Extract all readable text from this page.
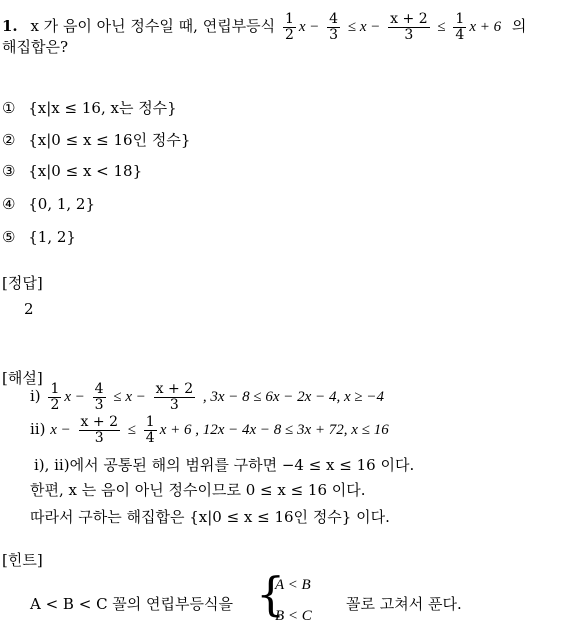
1. x 가 음이 아닌 정수일 때, 연립부등식 $\frac{1}{2}$ $x - \frac{4}{3} \le x - \frac{x + 2}{3} \le \frac{1}{4}$ x + 6 의
해집합은?
① {x|x ≤ 16, x는 정수}
② {x|0 ≤ x ≤ 16인 정수}
③ {x|0 ≤ x < 18}
④ {0, 1, 2}
⑤ {1, 2}
[정답]
2
[해설]
ⅰ) $\frac{1}{2}$ $x - \frac{4}{3} \le x - \frac{x + 2}{3}$ , 3x − 8 ≤ 6x − 2x − 4, x ≥ −4
ⅱ) $x - \frac{x + 2}{3} \le \frac{1}{4}$ x + 6 , 12x − 4x − 8 ≤ 3x + 72, x ≤ 16
ⅰ), ⅱ)에서 공통된 해의 범위를 구하면 −4 ≤ x ≤ 16 이다.
한편, x 는 음이 아닌 정수이므로 0 ≤ x ≤ 16 이다.
따라서 구하는 해집합은 {x|0 ≤ x ≤ 16인 정수} 이다.
[힌트]
A < B < C 꼴의 연립부등식을 {
A < B
B < C
꼴로 고쳐서 푼다.
